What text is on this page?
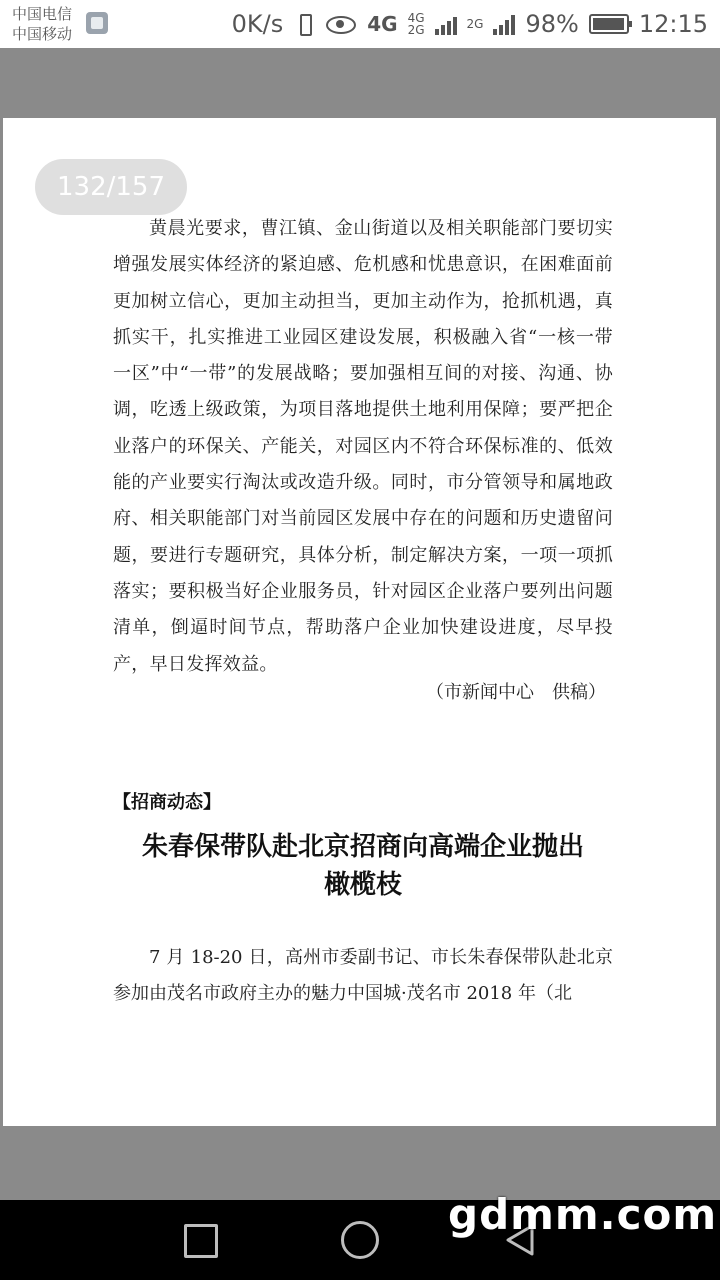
中国电信
中国移动	0K/s	4G 4G
2G	2G 98%	12:15
132/157
黄晨光要求，曹江镇、金山街道以及相关职能部门要切实增强发展实体经济的紧迫感、危机感和忧患意识，在困难面前更加树立信心，更加主动担当，更加主动作为，抢抓机遇，真抓实干，扎实推进工业园区建设发展，积极融入省“一核一带一区”中“一带”的发展战略；要加强相互间的对接、沟通、协调，吃透上级政策，为项目落地提供土地利用保障；要严把企业落户的环保关、产能关，对园区内不符合环保标准的、低效能的产业要实行淘汰或改造升级。同时，市分管领导和属地政府、相关职能部门对当前园区发展中存在的问题和历史遗留问题，要进行专题研究，具体分析，制定解决方案，一项一项抓落实；要积极当好企业服务员，针对园区企业落户要列出问题清单，倒逼时间节点，帮助落户企业加快建设进度，尽早投产，早日发挥效益。
（市新闻中心　供稿）
【招商动态】
朱春保带队赴北京招商向高端企业抛出
橄榄枝
7 月 18-20 日，高州市委副书记、市长朱春保带队赴北京参加由茂名市政府主办的魅力中国城·茂名市 2018 年（北
gdmm.com
